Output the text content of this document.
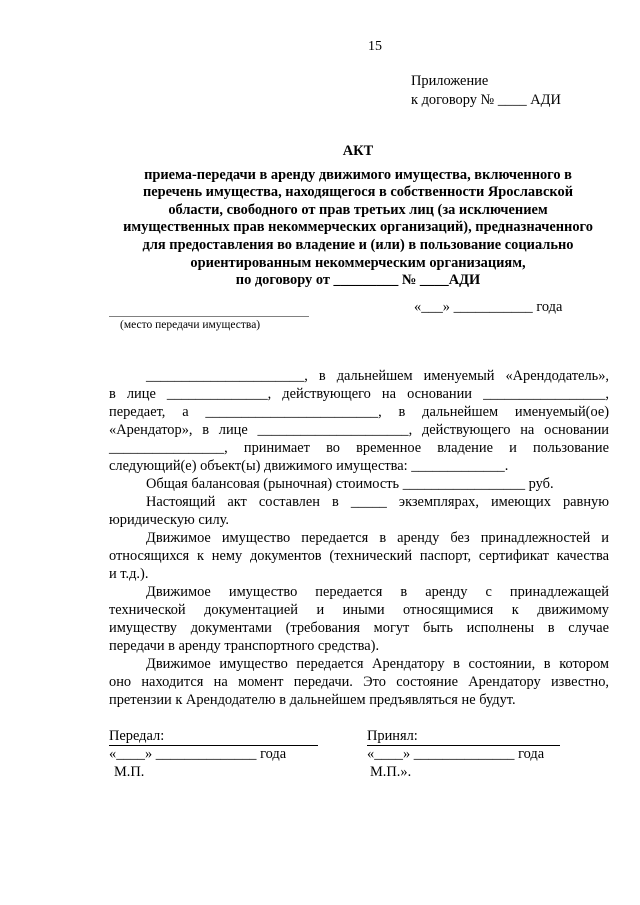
15
Приложение
к договору № ____ АДИ
АКТ
приема-передачи в аренду движимого имущества, включенного в
перечень имущества, находящегося в собственности Ярославской
области, свободного от прав третьих лиц (за исключением
имущественных прав некоммерческих организаций), предназначенного
для предоставления во владение и (или) в пользование социально
ориентированным некоммерческим организациям,
по договору от _________ № ____АДИ
(место передачи имущества)
«___» ___________ года
______________________, в дальнейшем именуемый «Арендодатель»,
в лице ______________, действующего на основании _________________,
передает, а ________________________, в дальнейшем именуемый(ое)
«Арендатор», в лице _____________________, действующего на основании
________________, принимает во временное владение и пользование
следующий(е) объект(ы) движимого имущества: _____________.
Общая балансовая (рыночная) стоимость _________________ руб.
Настоящий акт составлен в _____ экземплярах, имеющих равную
юридическую силу.
Движимое имущество передается в аренду без принадлежностей и
относящихся к нему документов (технический паспорт, сертификат качества
и т.д.).
Движимое имущество передается в аренду с принадлежащей
технической документацией и иными относящимися к движимому
имуществу документами (требования могут быть исполнены в случае
передачи в аренду транспортного средства).
Движимое имущество передается Арендатору в состоянии, в котором
оно находится на момент передачи. Это состояние Арендатору известно,
претензии к Арендодателю в дальнейшем предъявляться не будут.
Передал:	Принял:
«____» ______________ года	«____» ______________ года
М.П.	М.П.».
